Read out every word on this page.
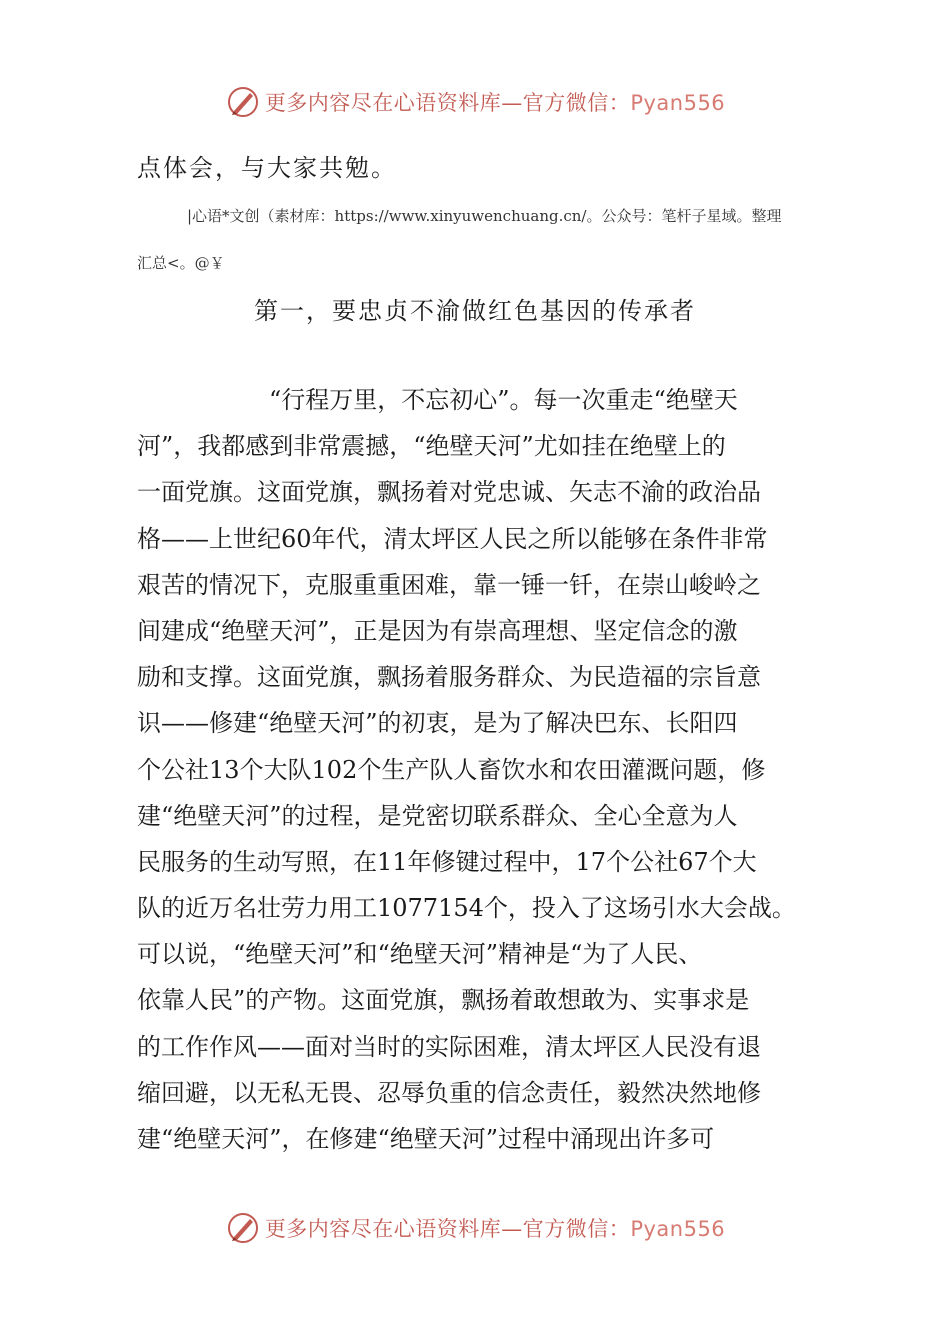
更多内容尽在心语资料库—官方微信：Pyan556
点体会，与大家共勉。
|心语*文创（素材库：https://www.xinyuwenchuang.cn/。公众号：笔杆子星域。整理
汇总<。@￥
第一，要忠贞不渝做红色基因的传承者
“行程万里，不忘初心”。每一次重走“绝壁天
河”，我都感到非常震撼，“绝壁天河”尤如挂在绝壁上的
一面党旗。这面党旗，飘扬着对党忠诚、矢志不渝的政治品
格——上世纪60年代，清太坪区人民之所以能够在条件非常
艰苦的情况下，克服重重困难，靠一锤一钎，在崇山峻岭之
间建成“绝壁天河”，正是因为有崇高理想、坚定信念的激
励和支撑。这面党旗，飘扬着服务群众、为民造福的宗旨意
识——修建“绝壁天河”的初衷，是为了解决巴东、长阳四
个公社13个大队102个生产队人畜饮水和农田灌溉问题，修
建“绝壁天河”的过程，是党密切联系群众、全心全意为人
民服务的生动写照，在11年修键过程中，17个公社67个大
队的近万名壮劳力用工1077154个，投入了这场引水大会战。
可以说，“绝壁天河”和“绝壁天河”精神是“为了人民、
依靠人民”的产物。这面党旗，飘扬着敢想敢为、实事求是
的工作作风——面对当时的实际困难，清太坪区人民没有退
缩回避，以无私无畏、忍辱负重的信念责任，毅然决然地修
建“绝壁天河”，在修建“绝壁天河”过程中涌现出许多可
更多内容尽在心语资料库—官方微信：Pyan556
